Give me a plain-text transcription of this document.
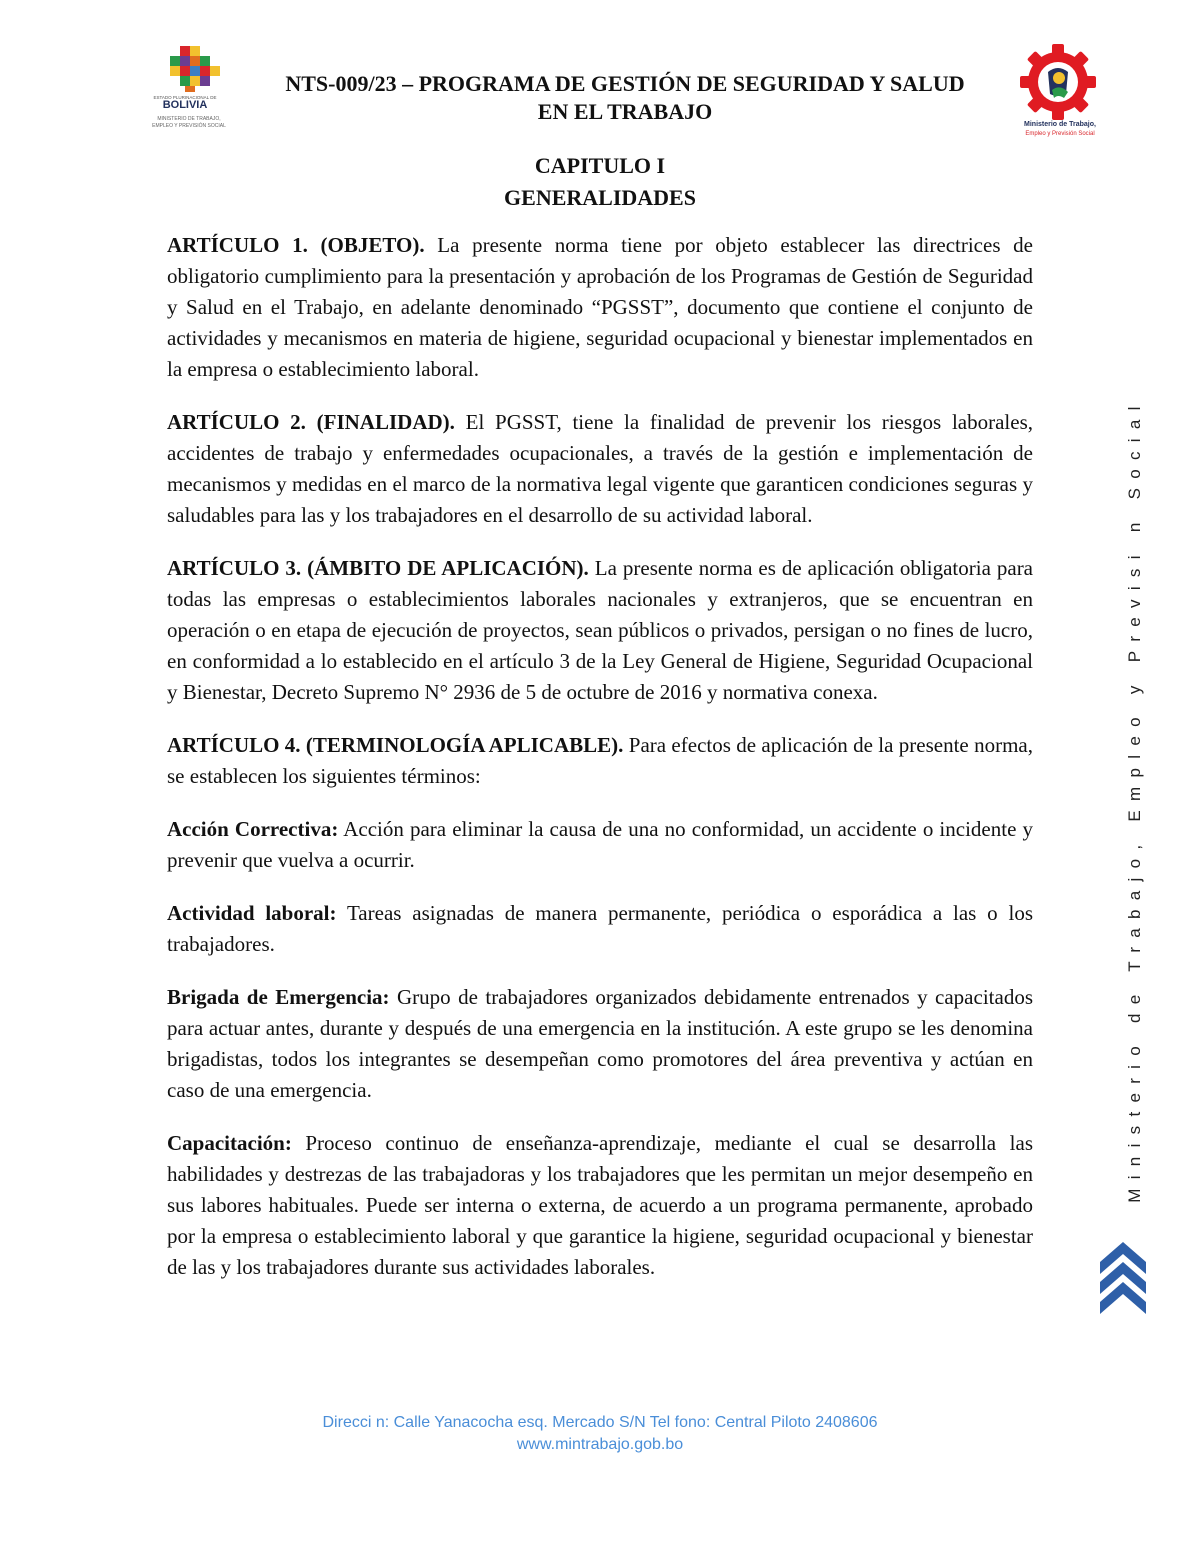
ESTADO PLURINACIONAL DE
BOLIVIA
MINISTERIO DE TRABAJO,
EMPLEO Y PREVISIÓN SOCIAL
NTS-009/23 – PROGRAMA DE GESTIÓN DE SEGURIDAD Y SALUD
EN EL TRABAJO
Ministerio de Trabajo,
Empleo y Previsión Social
CAPITULO I
GENERALIDADES

ARTÍCULO 1. (OBJETO). La presente norma tiene por objeto establecer las directrices de obligatorio cumplimiento para la presentación y aprobación de los Programas de Gestión de Seguridad y Salud en el Trabajo, en adelante denominado “PGSST”, documento que contiene el conjunto de actividades y mecanismos en materia de higiene, seguridad ocupacional y bienestar implementados en la empresa o establecimiento laboral.

ARTÍCULO 2. (FINALIDAD). El PGSST, tiene la finalidad de prevenir los riesgos laborales, accidentes de trabajo y enfermedades ocupacionales, a través de la gestión e implementación de mecanismos y medidas en el marco de la normativa legal vigente que garanticen condiciones seguras y saludables para las y los trabajadores en el desarrollo de su actividad laboral.

ARTÍCULO 3. (ÁMBITO DE APLICACIÓN). La presente norma es de aplicación obligatoria para todas las empresas o establecimientos laborales nacionales y extranjeros, que se encuentran en operación o en etapa de ejecución de proyectos, sean públicos o privados, persigan o no fines de lucro, en conformidad a lo establecido en el artículo 3 de la Ley General de Higiene, Seguridad Ocupacional y Bienestar, Decreto Supremo N° 2936 de 5 de octubre de 2016 y normativa conexa.

ARTÍCULO 4. (TERMINOLOGÍA APLICABLE). Para efectos de aplicación de la presente norma, se establecen los siguientes términos:

Acción Correctiva: Acción para eliminar la causa de una no conformidad, un accidente o incidente y prevenir que vuelva a ocurrir.

Actividad laboral: Tareas asignadas de manera permanente, periódica o esporádica a las o los trabajadores.

Brigada de Emergencia: Grupo de trabajadores organizados debidamente entrenados y capacitados para actuar antes, durante y después de una emergencia en la institución. A este grupo se les denomina brigadistas, todos los integrantes se desempeñan como promotores del área preventiva y actúan en caso de una emergencia.

Capacitación: Proceso continuo de enseñanza-aprendizaje, mediante el cual se desarrolla las habilidades y destrezas de las trabajadoras y los trabajadores que les permitan un mejor desempeño en sus labores habituales. Puede ser interna o externa, de acuerdo a un programa permanente, aprobado por la empresa o establecimiento laboral y que garantice la higiene, seguridad ocupacional y bienestar de las y los trabajadores durante sus actividades laborales.

Ministerio de Trabajo, Empleo y Previsi n Social
Direcci n: Calle Yanacocha esq. Mercado S/N Tel fono: Central Piloto 2408606
www.mintrabajo.gob.bo
